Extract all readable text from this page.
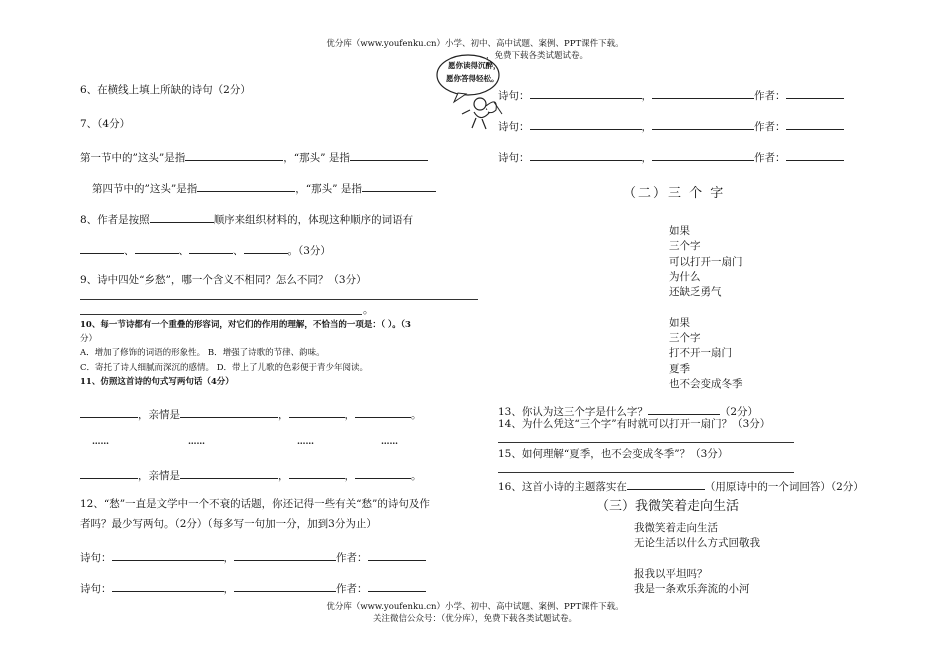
优分库（www.youfenku.cn）小学、初中、高中试题、案例、PPT课件下载。
，免费下载各类试题试卷。
愿你读得沉醉，
愿你答得轻松。
6、在横线上填上所缺的诗句（2分）
7、（4分）
第一节中的”这头”是指	，“那头” 是指
第四节中的”这头”是指	，“那头” 是指
8、作者是按照	顺序来组织材料的，体现这种顺序的词语有
、	、	、	。（3分）
9、诗中四处“乡愁”，哪一个含义不相同？怎么不同？（3分）
。
10、每一节诗都有一个重叠的形容词，对它们的作用的理解，不恰当的一项是：（ ）。（3
分）
A．增加了修饰的词语的形象性。 B．增强了诗歌的节律、韵味。
C．寄托了诗人细腻而深沉的感情。 D．带上了儿歌的色彩便于青少年阅读。
11、仿照这首诗的句式写两句话（4分）
，亲情是	，	，	。
……	……	……	……
，亲情是	，	，	。
12、“愁”一直是文学中一个不衰的话题，你还记得一些有关“愁”的诗句及作
者吗？最少写两句。（2分）（每多写一句加一分，加到3分为止）
诗句：	，	作者：
诗句：	，	作者：
诗句：	，	作者：
诗句：	，	作者：
诗句：	，	作者：
（二）三 个 字
如果
三个字
可以打开一扇门
为什么
还缺乏勇气
如果
三个字
打不开一扇门
夏季
也不会变成冬季
13、你认为这三个字是什么字？	（2分）
14、为什么凭这“三个字”有时就可以打开一扇门？（3分）
15、如何理解“夏季，也不会变成冬季”？（3分）
16、这首小诗的主题落实在	（用原诗中的一个词回答）（2分）
（三）我微笑着走向生活
我微笑着走向生活
无论生活以什么方式回敬我
报我以平坦吗？
我是一条欢乐奔流的小河
优分库（www.youfenku.cn）小学、初中、高中试题、案例、PPT课件下载。
关注微信公众号：（优分库），免费下载各类试题试卷。
